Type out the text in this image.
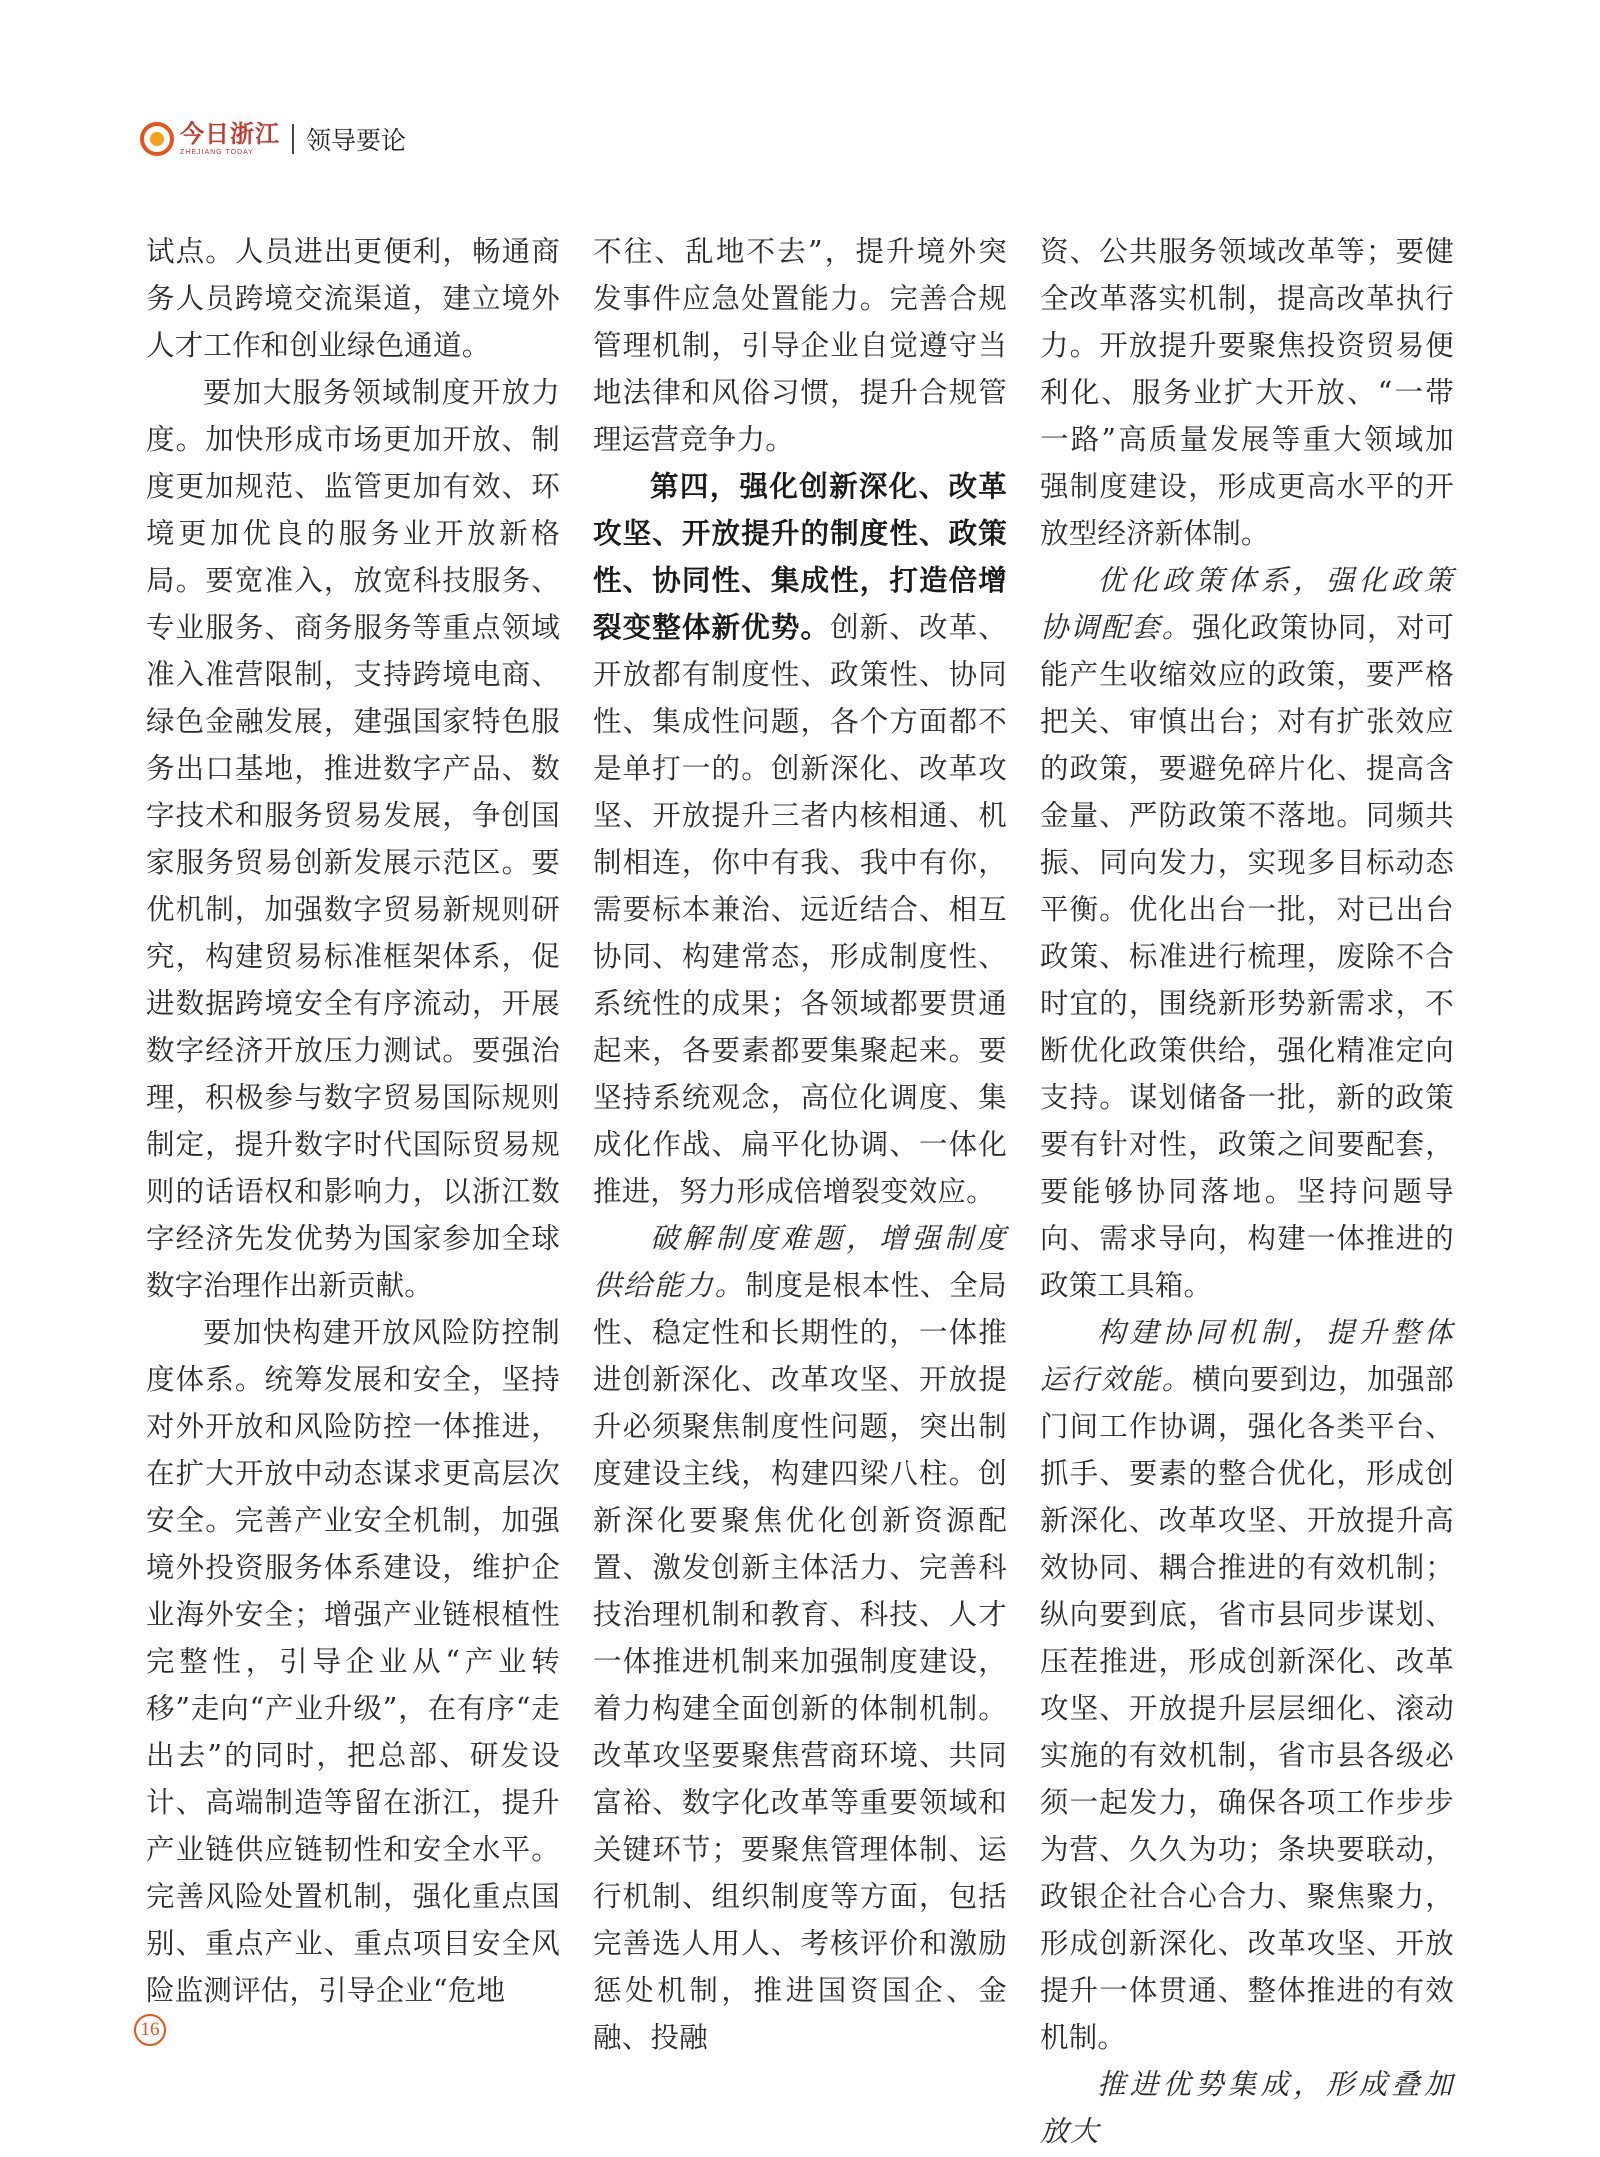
今日浙江
ZHEJIANG TODAY	领导要论

试点。人员进出更便利，畅通商务人员跨境交流渠道，建立境外人才工作和创业绿色通道。

要加大服务领域制度开放力度。加快形成市场更加开放、制度更加规范、监管更加有效、环境更加优良的服务业开放新格局。要宽准入，放宽科技服务、专业服务、商务服务等重点领域准入准营限制，支持跨境电商、绿色金融发展，建强国家特色服务出口基地，推进数字产品、数字技术和服务贸易发展，争创国家服务贸易创新发展示范区。要优机制，加强数字贸易新规则研究，构建贸易标准框架体系，促进数据跨境安全有序流动，开展数字经济开放压力测试。要强治理，积极参与数字贸易国际规则制定，提升数字时代国际贸易规则的话语权和影响力，以浙江数字经济先发优势为国家参加全球数字治理作出新贡献。

要加快构建开放风险防控制度体系。统筹发展和安全，坚持对外开放和风险防控一体推进，在扩大开放中动态谋求更高层次安全。完善产业安全机制，加强境外投资服务体系建设，维护企业海外安全；增强产业链根植性完整性，引导企业从“产业转移”走向“产业升级”，在有序“走出去”的同时，把总部、研发设计、高端制造等留在浙江，提升产业链供应链韧性和安全水平。完善风险处置机制，强化重点国别、重点产业、重点项目安全风险监测评估，引导企业“危地

不往、乱地不去”，提升境外突发事件应急处置能力。完善合规管理机制，引导企业自觉遵守当地法律和风俗习惯，提升合规管理运营竞争力。

第四，强化创新深化、改革攻坚、开放提升的制度性、政策性、协同性、集成性，打造倍增裂变整体新优势。创新、改革、开放都有制度性、政策性、协同性、集成性问题，各个方面都不是单打一的。创新深化、改革攻坚、开放提升三者内核相通、机制相连，你中有我、我中有你，需要标本兼治、远近结合、相互协同、构建常态，形成制度性、系统性的成果；各领域都要贯通起来，各要素都要集聚起来。要坚持系统观念，高位化调度、集成化作战、扁平化协调、一体化推进，努力形成倍增裂变效应。

破解制度难题，增强制度供给能力。制度是根本性、全局性、稳定性和长期性的，一体推进创新深化、改革攻坚、开放提升必须聚焦制度性问题，突出制度建设主线，构建四梁八柱。创新深化要聚焦优化创新资源配置、激发创新主体活力、完善科技治理机制和教育、科技、人才一体推进机制来加强制度建设，着力构建全面创新的体制机制。改革攻坚要聚焦营商环境、共同富裕、数字化改革等重要领域和关键环节；要聚焦管理体制、运行机制、组织制度等方面，包括完善选人用人、考核评价和激励惩处机制，推进国资国企、金融、投融

资、公共服务领域改革等；要健全改革落实机制，提高改革执行力。开放提升要聚焦投资贸易便利化、服务业扩大开放、“一带一路”高质量发展等重大领域加强制度建设，形成更高水平的开放型经济新体制。

优化政策体系，强化政策协调配套。强化政策协同，对可能产生收缩效应的政策，要严格把关、审慎出台；对有扩张效应的政策，要避免碎片化、提高含金量、严防政策不落地。同频共振、同向发力，实现多目标动态平衡。优化出台一批，对已出台政策、标准进行梳理，废除不合时宜的，围绕新形势新需求，不断优化政策供给，强化精准定向支持。谋划储备一批，新的政策要有针对性，政策之间要配套，要能够协同落地。坚持问题导向、需求导向，构建一体推进的政策工具箱。

构建协同机制，提升整体运行效能。横向要到边，加强部门间工作协调，强化各类平台、抓手、要素的整合优化，形成创新深化、改革攻坚、开放提升高效协同、耦合推进的有效机制；纵向要到底，省市县同步谋划、压茬推进，形成创新深化、改革攻坚、开放提升层层细化、滚动实施的有效机制，省市县各级必须一起发力，确保各项工作步步为营、久久为功；条块要联动，政银企社合心合力、聚焦聚力，形成创新深化、改革攻坚、开放提升一体贯通、整体推进的有效机制。

推进优势集成，形成叠加放大

16
